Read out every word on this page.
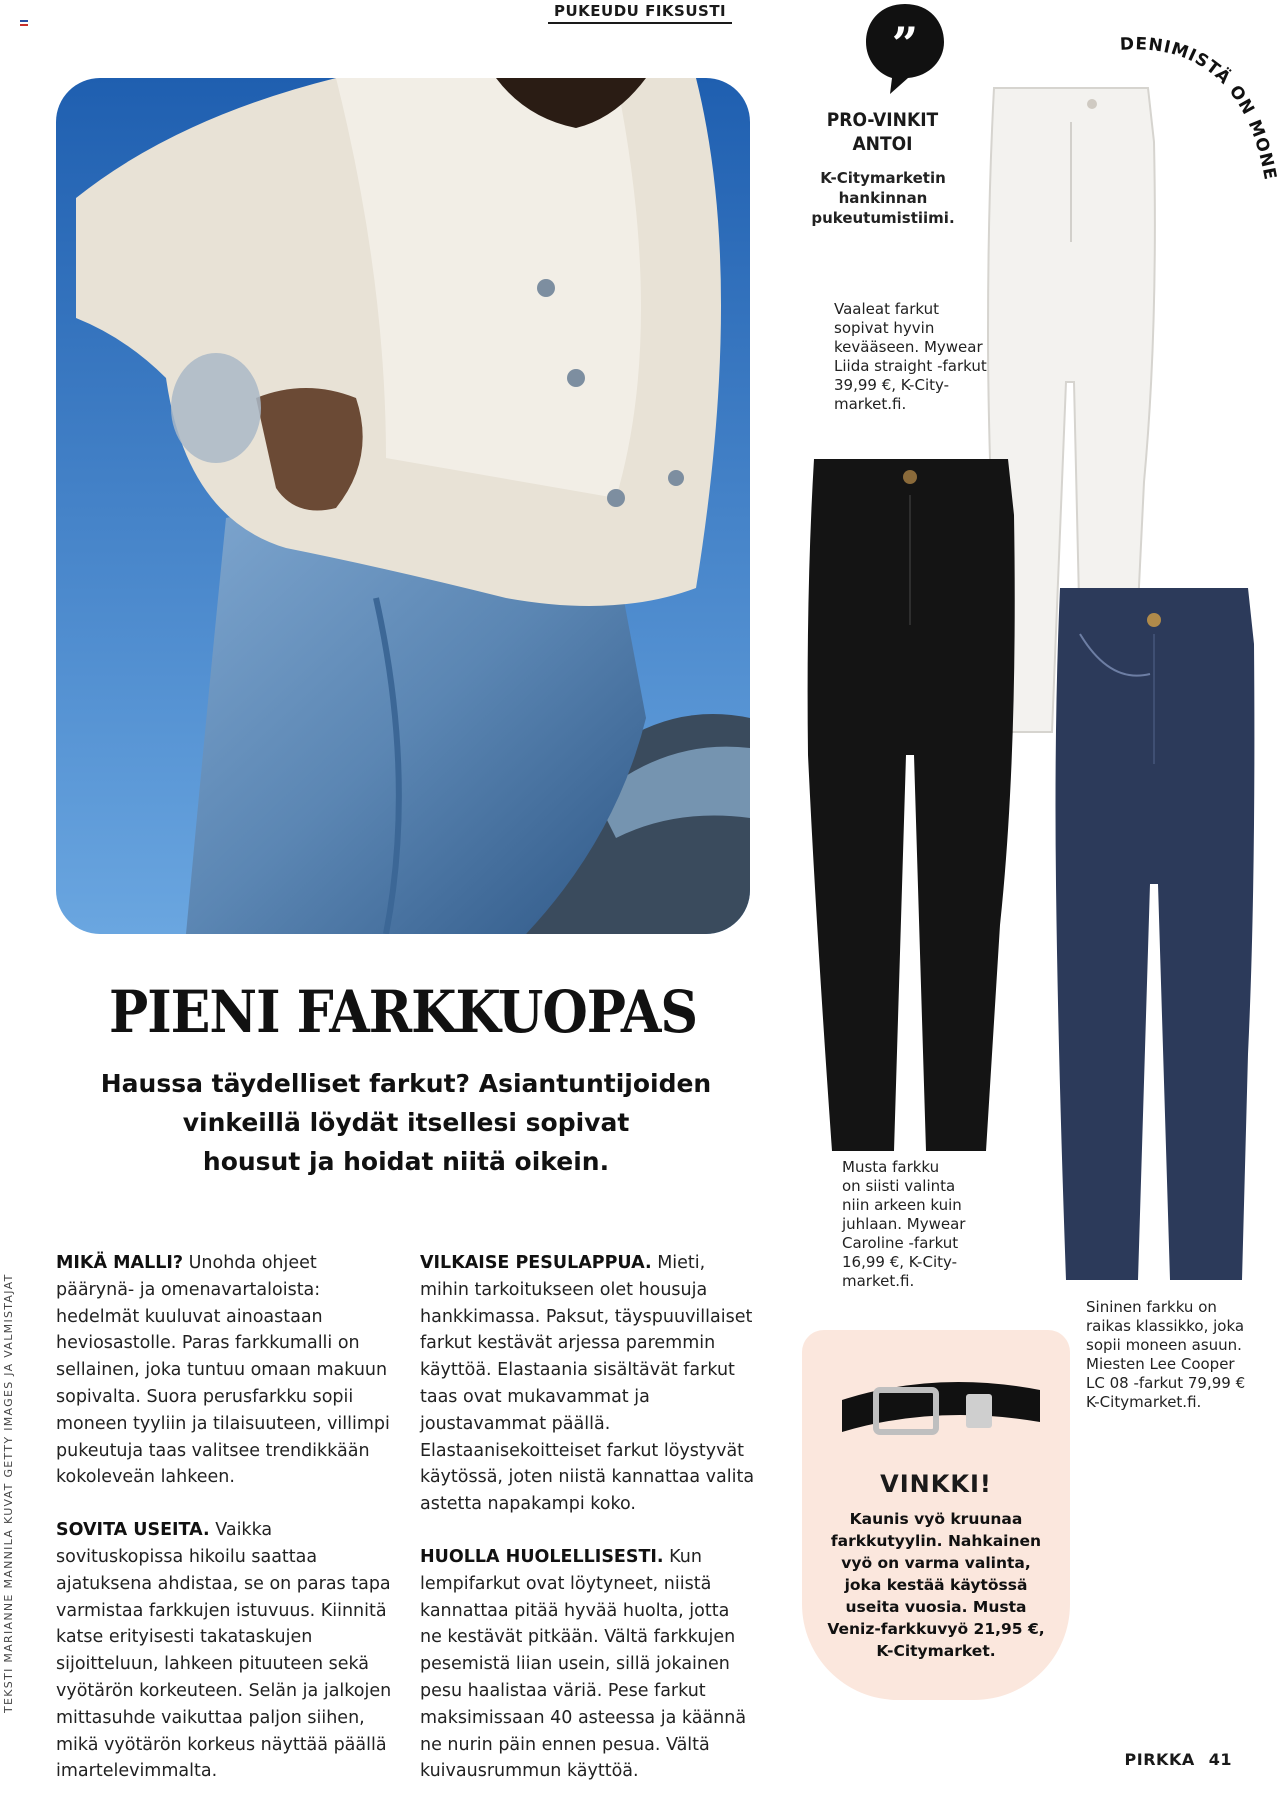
PUKEUDU FIKSUSTI
TEKSTI MARIANNE MANNILA KUVAT GETTY IMAGES JA VALMISTAJAT
”
PRO-VINKIT
ANTOI
K-Citymarketin
hankinnan
pukeutumistiimi.
DENIMISTÄ ON MONE
Vaaleat farkut
sopivat hyvin
kevääseen. Mywear
Liida straight -farkut
39,99 €, K-City-
market.fi.
Musta farkku
on siisti valinta
niin arkeen kuin
juhlaan. Mywear
Caroline -farkut
16,99 €, K-City-
market.fi.
Sininen farkku on
raikas klassikko, joka
sopii moneen asuun.
Miesten Lee Cooper
LC 08 -farkut 79,99 €
K-Citymarket.fi.
PIENI FARKKUOPAS
Haussa täydelliset farkut? Asiantuntijoiden
vinkeillä löydät itsellesi sopivat
housut ja hoidat niitä oikein.

MIKÄ MALLI? Unohda ohjeet päärynä- ja omenavartaloista: hedelmät kuuluvat ainoastaan heviosastolle. Paras farkkumalli on sellainen, joka tuntuu omaan makuun sopivalta. Suora perusfarkku sopii moneen tyyliin ja tilaisuuteen, villimpi pukeutuja taas valitsee trendikkään kokoleveän lahkeen.

SOVITA USEITA. Vaikka sovituskopissa hikoilu saattaa ajatuksena ahdistaa, se on paras tapa varmistaa farkkujen istuvuus. Kiinnitä katse erityisesti takataskujen sijoitteluun, lahkeen pituuteen sekä vyötärön korkeuteen. Selän ja jalkojen mittasuhde vaikuttaa paljon siihen, mikä vyötärön korkeus näyttää päällä imartelevimmalta.

VILKAISE PESULAPPUA. Mieti, mihin tarkoitukseen olet housuja hankkimassa. Paksut, täyspuuvillaiset farkut kestävät arjessa paremmin käyttöä. Elastaania sisältävät farkut taas ovat mukavammat ja joustavammat päällä. Elastaanisekoitteiset farkut löystyvät käytössä, joten niistä kannattaa valita astetta napakampi koko.

HUOLLA HUOLELLISESTI. Kun lempifarkut ovat löytyneet, niistä kannattaa pitää hyvää huolta, jotta ne kestävät pitkään. Vältä farkkujen pesemistä liian usein, sillä jokainen pesu haalistaa väriä. Pese farkut maksimissaan 40 asteessa ja käännä ne nurin päin ennen pesua. Vältä kuivausrummun käyttöä.

VINKKI!
Kaunis vyö kruunaa
farkkutyylin. Nahkainen
vyö on varma valinta,
joka kestää käytössä
useita vuosia. Musta
Veniz-farkkuvyö 21,95 €,
K-Citymarket.
PIRKKA 41
